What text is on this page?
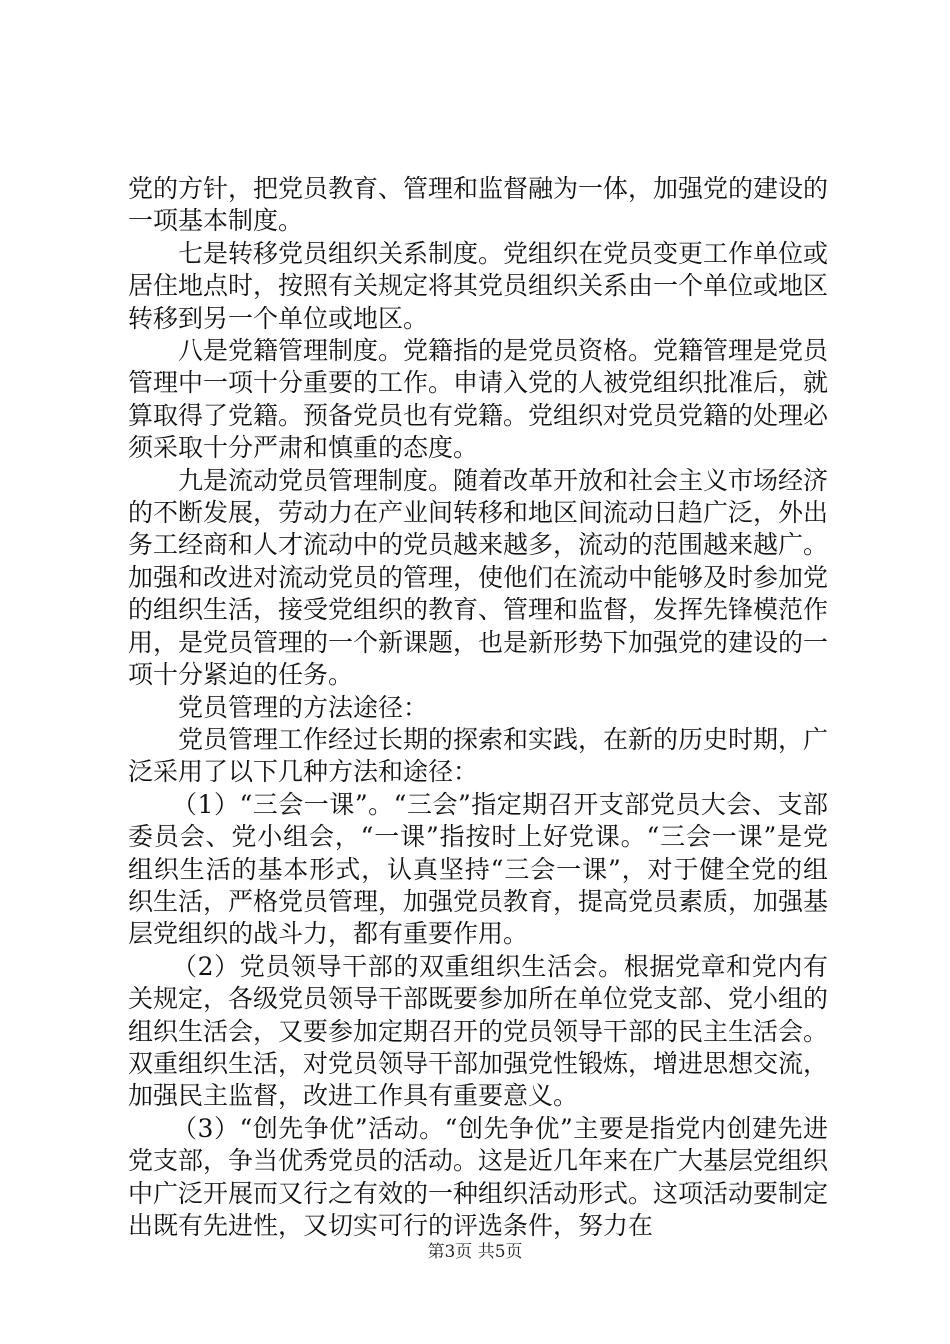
党的方针，把党员教育、管理和监督融为一体，加强党的建设的一项基本制度。

七是转移党员组织关系制度。党组织在党员变更工作单位或居住地点时，按照有关规定将其党员组织关系由一个单位或地区转移到另一个单位或地区。

八是党籍管理制度。党籍指的是党员资格。党籍管理是党员管理中一项十分重要的工作。申请入党的人被党组织批准后，就算取得了党籍。预备党员也有党籍。党组织对党员党籍的处理必须采取十分严肃和慎重的态度。

九是流动党员管理制度。随着改革开放和社会主义市场经济的不断发展，劳动力在产业间转移和地区间流动日趋广泛，外出务工经商和人才流动中的党员越来越多，流动的范围越来越广。加强和改进对流动党员的管理，使他们在流动中能够及时参加党的组织生活，接受党组织的教育、管理和监督，发挥先锋模范作用，是党员管理的一个新课题，也是新形势下加强党的建设的一项十分紧迫的任务。

党员管理的方法途径：

党员管理工作经过长期的探索和实践，在新的历史时期，广泛采用了以下几种方法和途径：

（1）“三会一课”。“三会”指定期召开支部党员大会、支部委员会、党小组会，“一课”指按时上好党课。“三会一课”是党组织生活的基本形式，认真坚持“三会一课”，对于健全党的组织生活，严格党员管理，加强党员教育，提高党员素质，加强基层党组织的战斗力，都有重要作用。

（2）党员领导干部的双重组织生活会。根据党章和党内有关规定，各级党员领导干部既要参加所在单位党支部、党小组的组织生活会，又要参加定期召开的党员领导干部的民主生活会。双重组织生活，对党员领导干部加强党性锻炼，增进思想交流，加强民主监督，改进工作具有重要意义。

（3）“创先争优”活动。“创先争优”主要是指党内创建先进党支部，争当优秀党员的活动。这是近几年来在广大基层党组织中广泛开展而又行之有效的一种组织活动形式。这项活动要制定出既有先进性，又切实可行的评选条件，努力在

第3页 共5页
